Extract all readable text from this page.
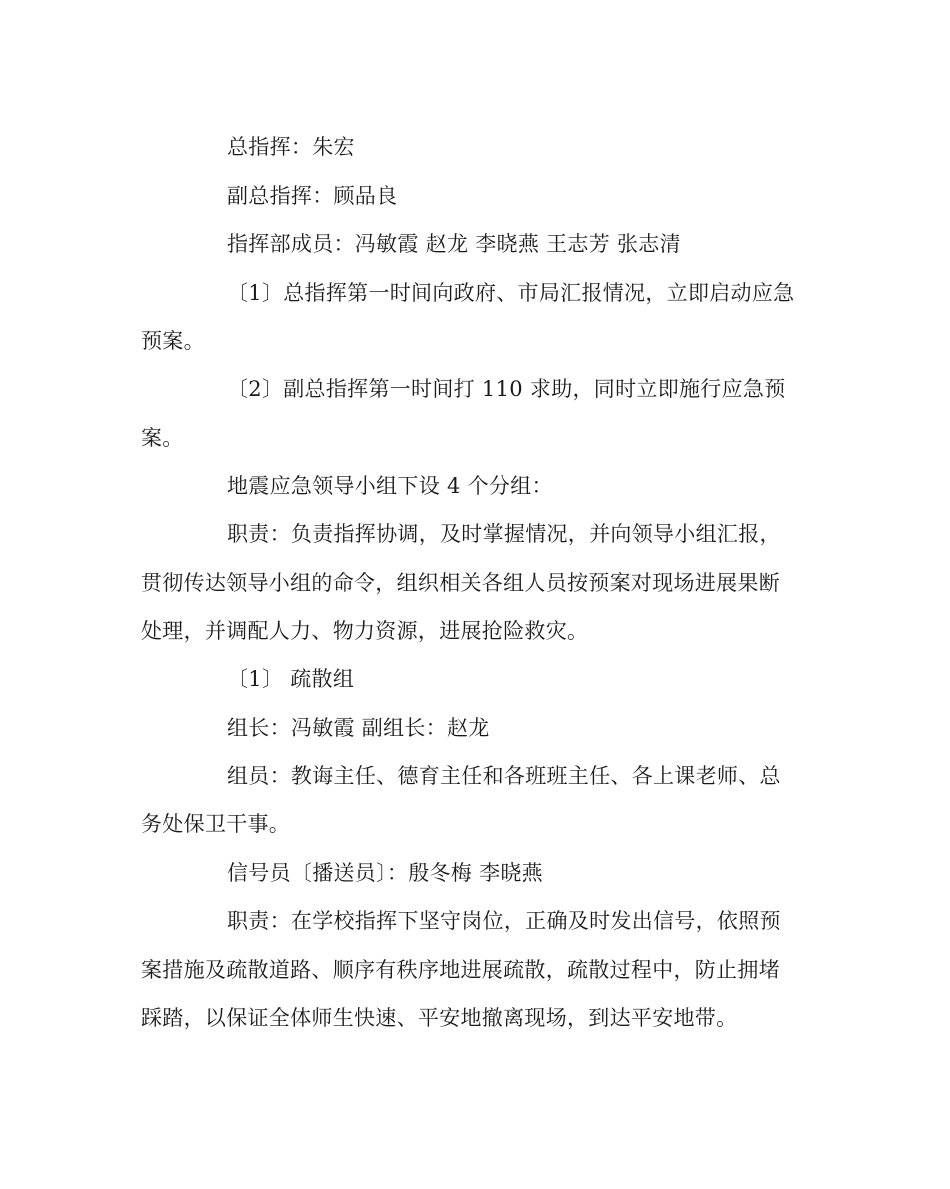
总指挥：朱宏
副总指挥：顾品良
指挥部成员：冯敏霞 赵龙 李晓燕 王志芳 张志清
〔1〕总指挥第一时间向政府、市局汇报情况，立即启动应急
预案。
〔2〕副总指挥第一时间打 110 求助，同时立即施行应急预
案。
地震应急领导小组下设 4 个分组：
职责：负责指挥协调，及时掌握情况，并向领导小组汇报，
贯彻传达领导小组的命令，组织相关各组人员按预案对现场进展果断
处理，并调配人力、物力资源，进展抢险救灾。
〔1〕 疏散组
组长：冯敏霞 副组长：赵龙
组员：教诲主任、德育主任和各班班主任、各上课老师、总
务处保卫干事。
信号员〔播送员〕：殷冬梅 李晓燕
职责：在学校指挥下坚守岗位，正确及时发出信号，依照预
案措施及疏散道路、顺序有秩序地进展疏散，疏散过程中，防止拥堵
踩踏，以保证全体师生快速、平安地撤离现场，到达平安地带。
